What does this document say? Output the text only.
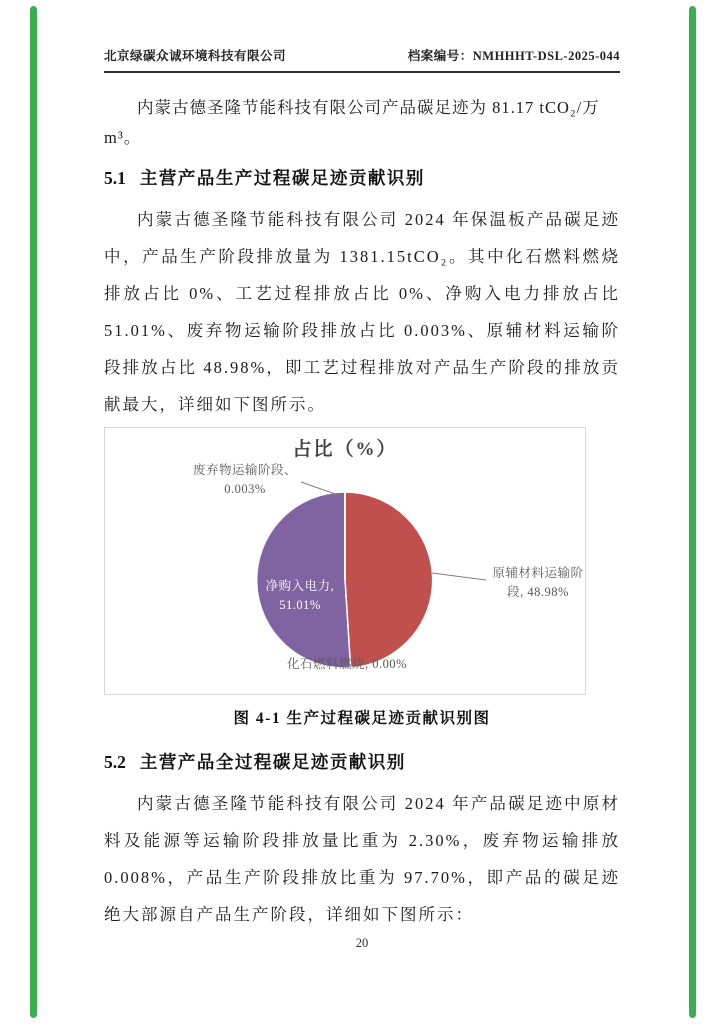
北京绿碳众诚环境科技有限公司	档案编号：NMHHHT-DSL-2025-044
内蒙古德圣隆节能科技有限公司产品碳足迹为 81.17 tCO₂/万 m³。
5.1 主营产品生产过程碳足迹贡献识别
内蒙古德圣隆节能科技有限公司 2024 年保温板产品碳足迹中，产品生产阶段排放量为 1381.15tCO₂。其中化石燃料燃烧排放占比 0%、工艺过程排放占比 0%、净购入电力排放占比 51.01%、废弃物运输阶段排放占比 0.003%、原辅材料运输阶段排放占比 48.98%，即工艺过程排放对产品生产阶段的排放贡献最大，详细如下图所示。
占比（%）
废弃物运输阶段、0.003%
原辅材料运输阶段, 48.98%
净购入电力, 51.01%
化石燃料燃烧, 0.00%
图 4-1 生产过程碳足迹贡献识别图
5.2 主营产品全过程碳足迹贡献识别
内蒙古德圣隆节能科技有限公司 2024 年产品碳足迹中原材料及能源等运输阶段排放量比重为 2.30%，废弃物运输排放 0.008%，产品生产阶段排放比重为 97.70%，即产品的碳足迹绝大部源自产品生产阶段，详细如下图所示：
20
